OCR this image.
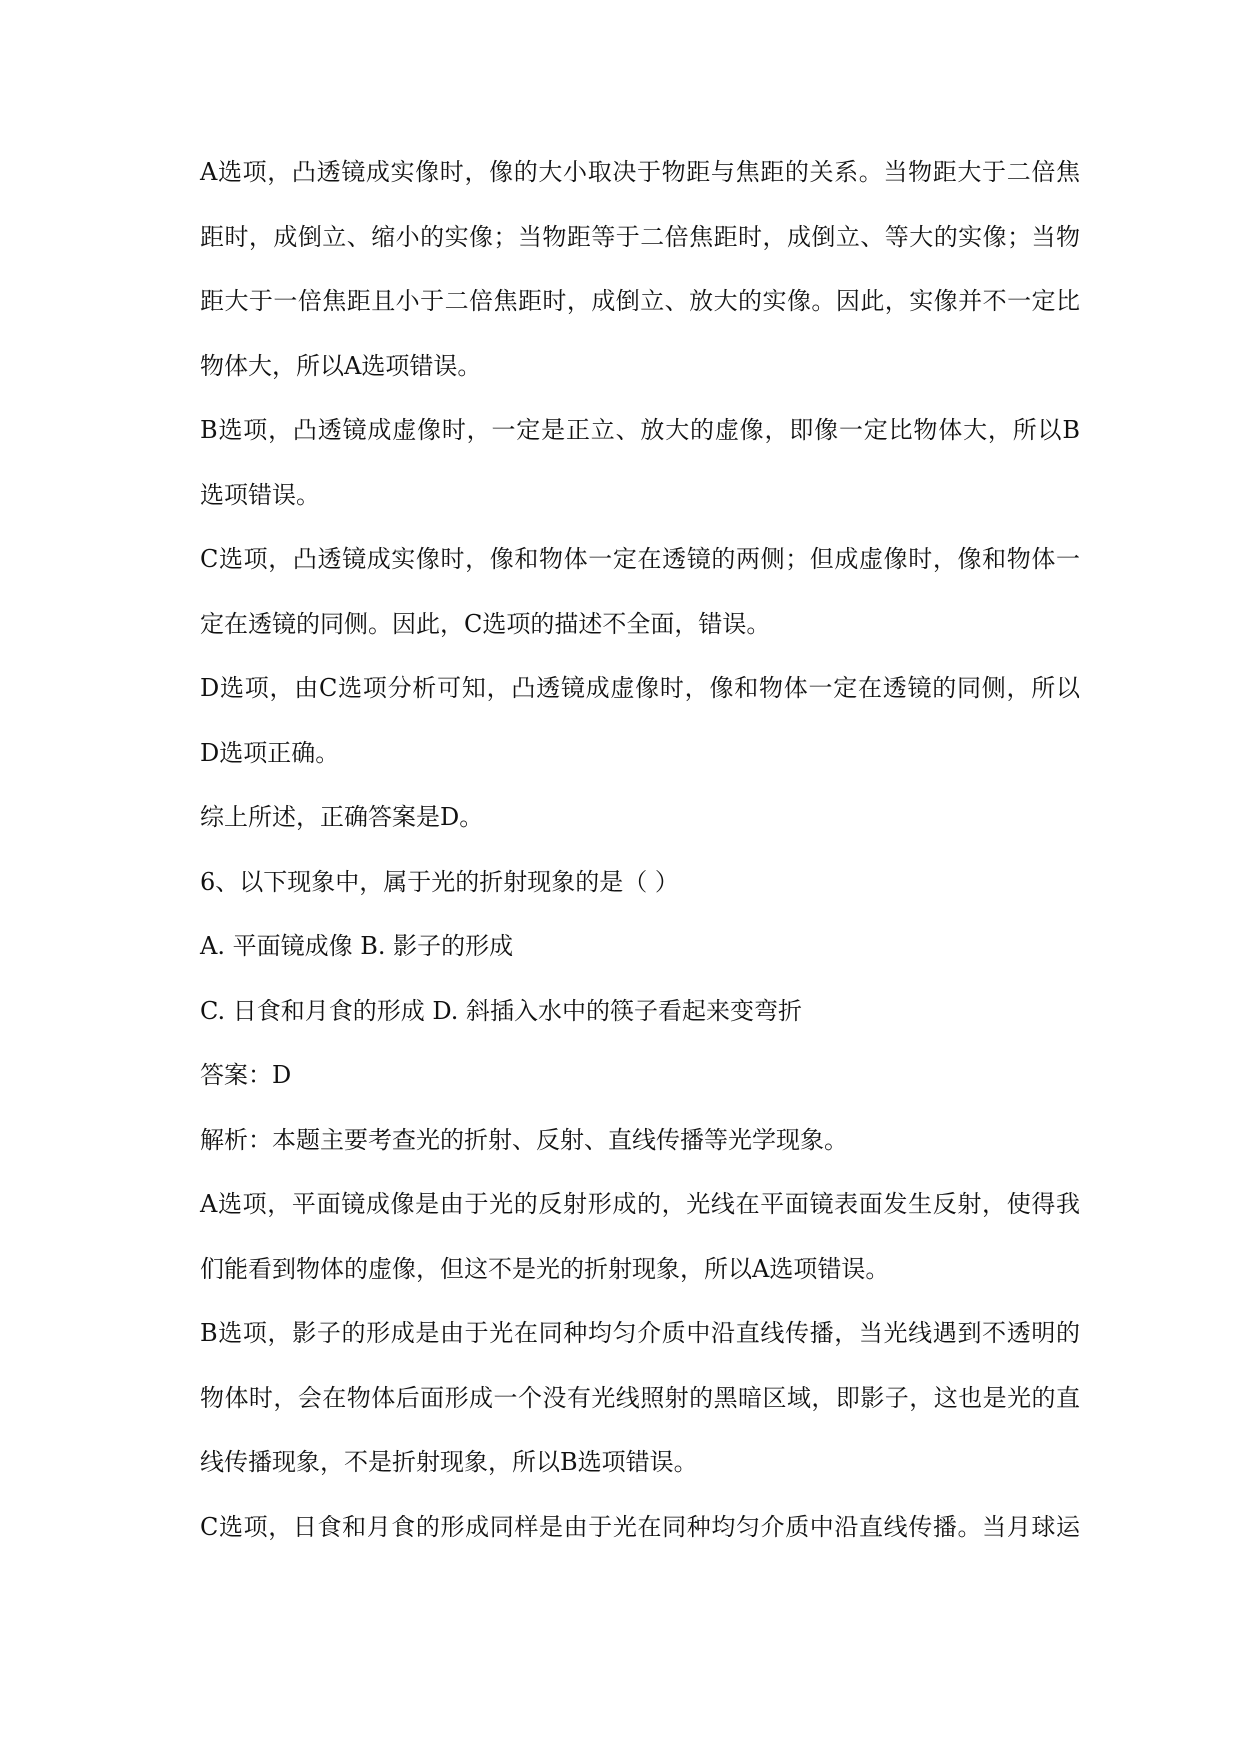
A选项，凸透镜成实像时，像的大小取决于物距与焦距的关系。当物距大于二倍焦
距时，成倒立、缩小的实像；当物距等于二倍焦距时，成倒立、等大的实像；当物
距大于一倍焦距且小于二倍焦距时，成倒立、放大的实像。因此，实像并不一定比
物体大，所以A选项错误。
B选项，凸透镜成虚像时，一定是正立、放大的虚像，即像一定比物体大，所以B
选项错误。
C选项，凸透镜成实像时，像和物体一定在透镜的两侧；但成虚像时，像和物体一
定在透镜的同侧。因此，C选项的描述不全面，错误。
D选项，由C选项分析可知，凸透镜成虚像时，像和物体一定在透镜的同侧，所以
D选项正确。
综上所述，正确答案是D。
6、以下现象中，属于光的折射现象的是（ ）
A. 平面镜成像 B. 影子的形成
C. 日食和月食的形成 D. 斜插入水中的筷子看起来变弯折
答案：D
解析：本题主要考查光的折射、反射、直线传播等光学现象。
A选项，平面镜成像是由于光的反射形成的，光线在平面镜表面发生反射，使得我
们能看到物体的虚像，但这不是光的折射现象，所以A选项错误。
B选项，影子的形成是由于光在同种均匀介质中沿直线传播，当光线遇到不透明的
物体时，会在物体后面形成一个没有光线照射的黑暗区域，即影子，这也是光的直
线传播现象，不是折射现象，所以B选项错误。
C选项，日食和月食的形成同样是由于光在同种均匀介质中沿直线传播。当月球运
